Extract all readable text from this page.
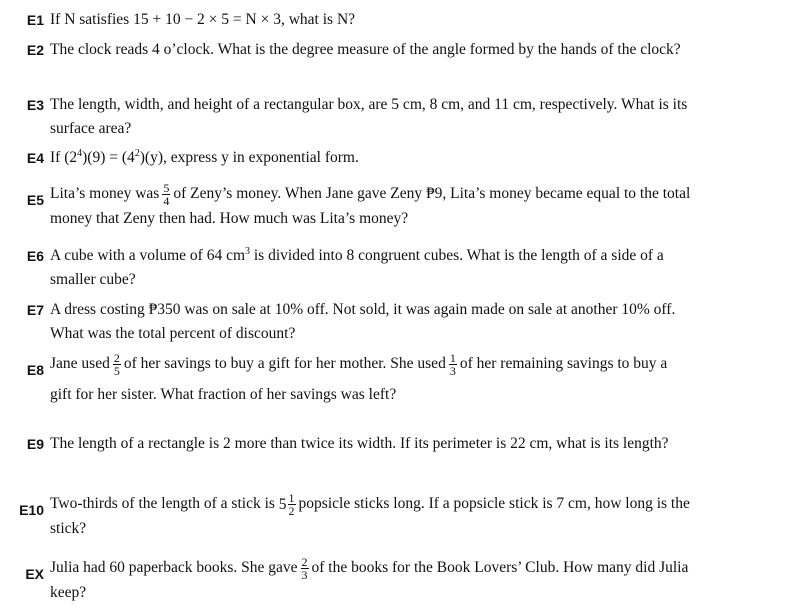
E1 If N satisfies 15 + 10 − 2 × 5 = N × 3, what is N?
E2 The clock reads 4 o’clock. What is the degree measure of the angle formed by the hands of the clock?
E3 The length, width, and height of a rectangular box, are 5 cm, 8 cm, and 11 cm, respectively. What is its
surface area?
E4 If $(2^4)(9) = (4^2)(y)$, express y in exponential form.
E5 Lita’s money was $\frac{5}{4}$ of Zeny’s money. When Jane gave Zeny ₱9, Lita’s money became equal to the total
money that Zeny then had. How much was Lita’s money?
E6 A cube with a volume of 64 $cm^3$ is divided into 8 congruent cubes. What is the length of a side of a
smaller cube?
E7 A dress costing ₱350 was on sale at 10% off. Not sold, it was again made on sale at another 10% off.
What was the total percent of discount?
E8 Jane used $\frac{2}{5}$ of her savings to buy a gift for her mother. She used $\frac{1}{3}$ of her remaining savings to buy a
gift for her sister. What fraction of her savings was left?
E9 The length of a rectangle is 2 more than twice its width. If its perimeter is 22 cm, what is its length?
E10 Two-thirds of the length of a stick is $5 \frac{1}{2}$ popsicle sticks long. If a popsicle stick is 7 cm, how long is the
stick?
EX Julia had 60 paperback books. She gave $\frac{2}{3}$ of the books for the Book Lovers’ Club. How many did Julia
keep?
